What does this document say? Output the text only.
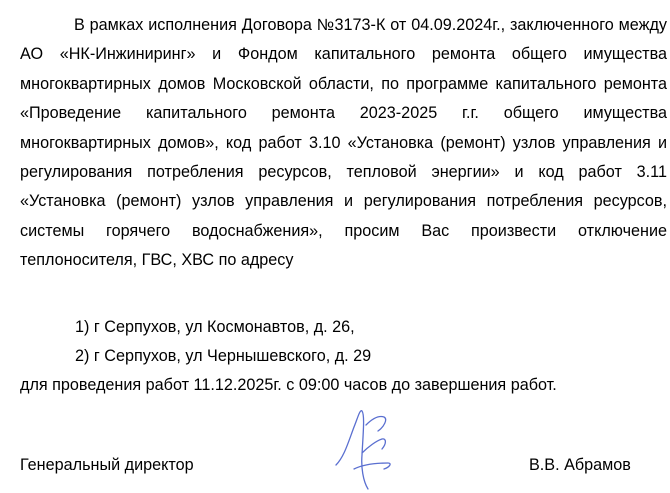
В рамках исполнения Договора №3173-К от 04.09.2024г., заключенного между АО «НК-Инжиниринг» и Фондом капитального ремонта общего имущества многоквартирных домов Московской области, по программе капитального ремонта «Проведение капитального ремонта 2023-2025 г.г. общего имущества многоквартирных домов», код работ 3.10 «Установка (ремонт) узлов управления и регулирования потребления ресурсов, тепловой энергии» и код работ 3.11 «Установка (ремонт) узлов управления и регулирования потребления ресурсов, системы горячего водоснабжения», просим Вас произвести отключение теплоносителя, ГВС, ХВС по адресу

1) г Серпухов, ул Космонавтов, д. 26,

2) г Серпухов, ул Чернышевского, д. 29

для проведения работ 11.12.2025г. с 09:00 часов до завершения работ.

Генеральный директор	В.В. Абрамов
